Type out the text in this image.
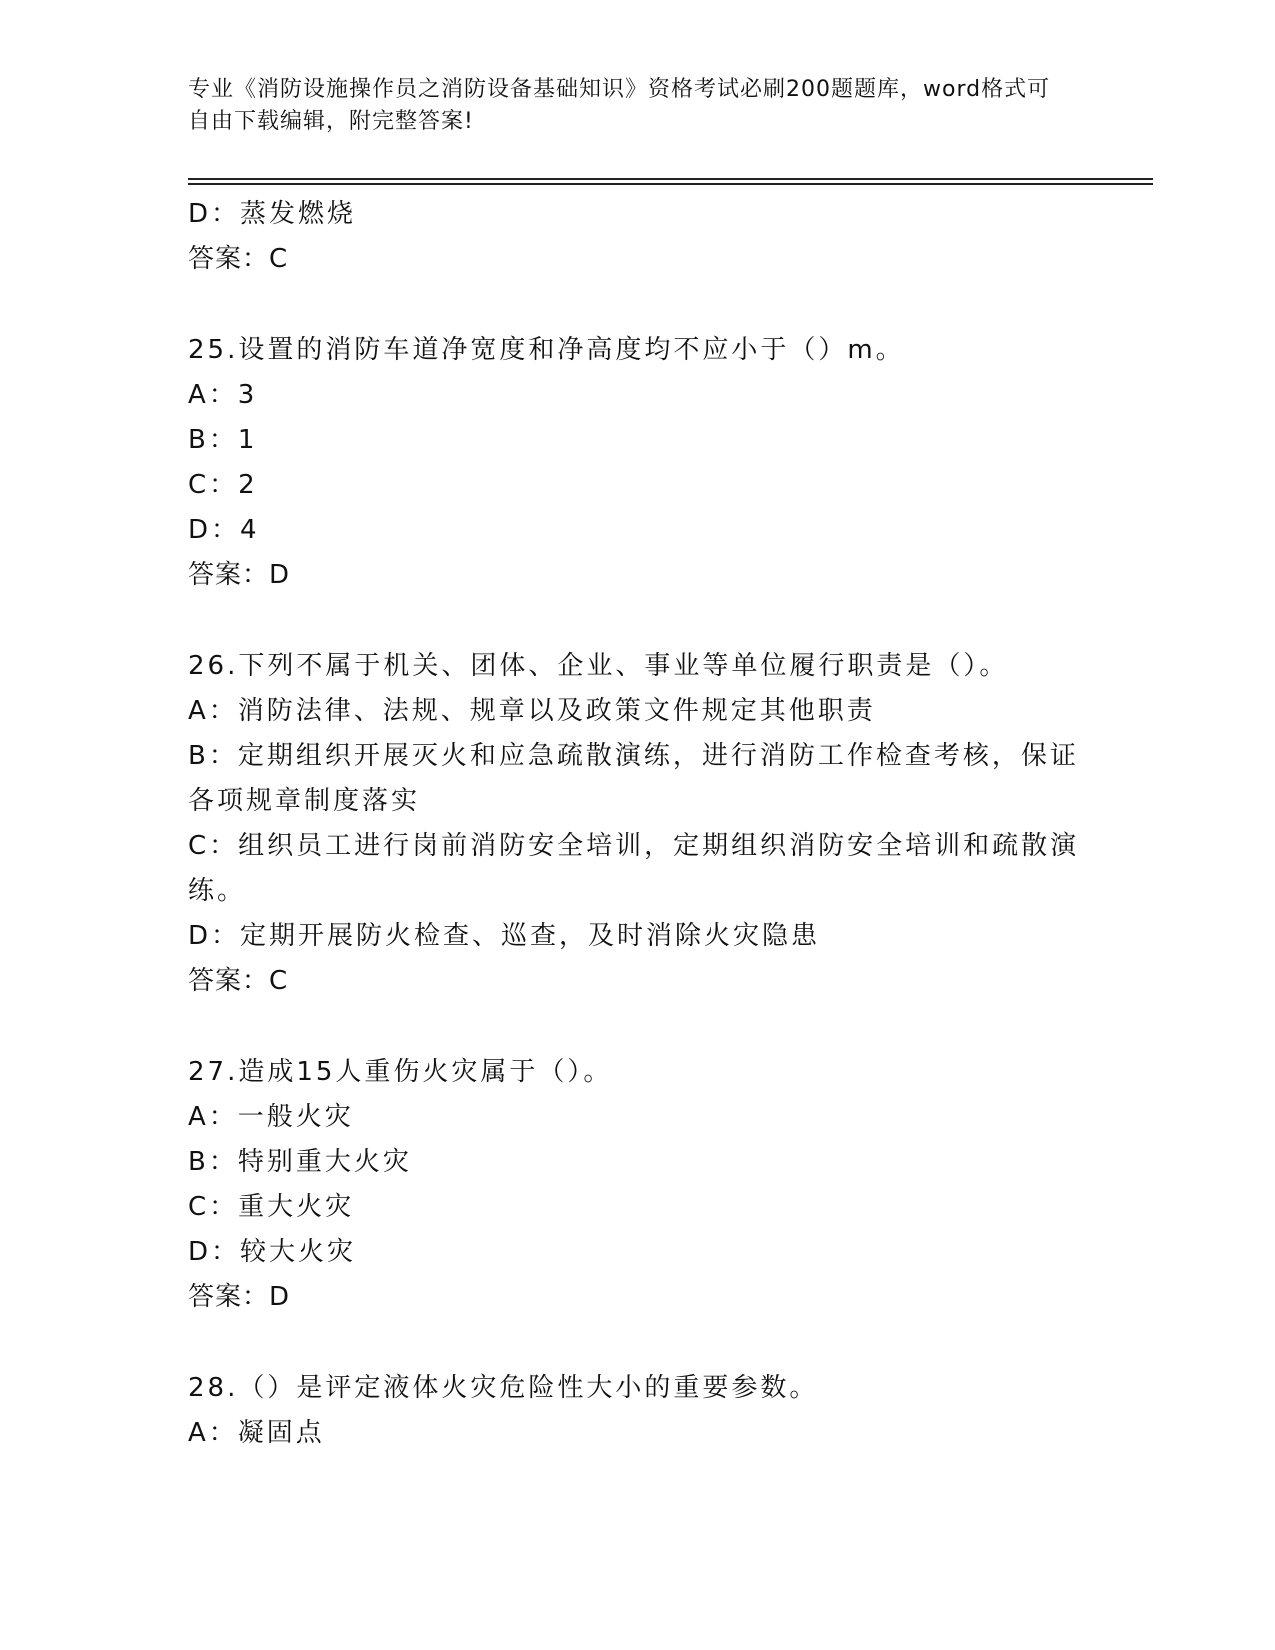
专业《消防设施操作员之消防设备基础知识》资格考试必刷200题题库，word格式可自由下载编辑，附完整答案!
D：蒸发燃烧
答案：C
25.设置的消防车道净宽度和净高度均不应小于（）m。
A：3
B：1
C：2
D：4
答案：D
26.下列不属于机关、团体、企业、事业等单位履行职责是（）。
A：消防法律、法规、规章以及政策文件规定其他职责
B：定期组织开展灭火和应急疏散演练，进行消防工作检查考核，保证各项规章制度落实
C：组织员工进行岗前消防安全培训，定期组织消防安全培训和疏散演练。
D：定期开展防火检查、巡查，及时消除火灾隐患
答案：C
27.造成15人重伤火灾属于（）。
A：一般火灾
B：特别重大火灾
C：重大火灾
D：较大火灾
答案：D
28.（）是评定液体火灾危险性大小的重要参数。
A：凝固点
